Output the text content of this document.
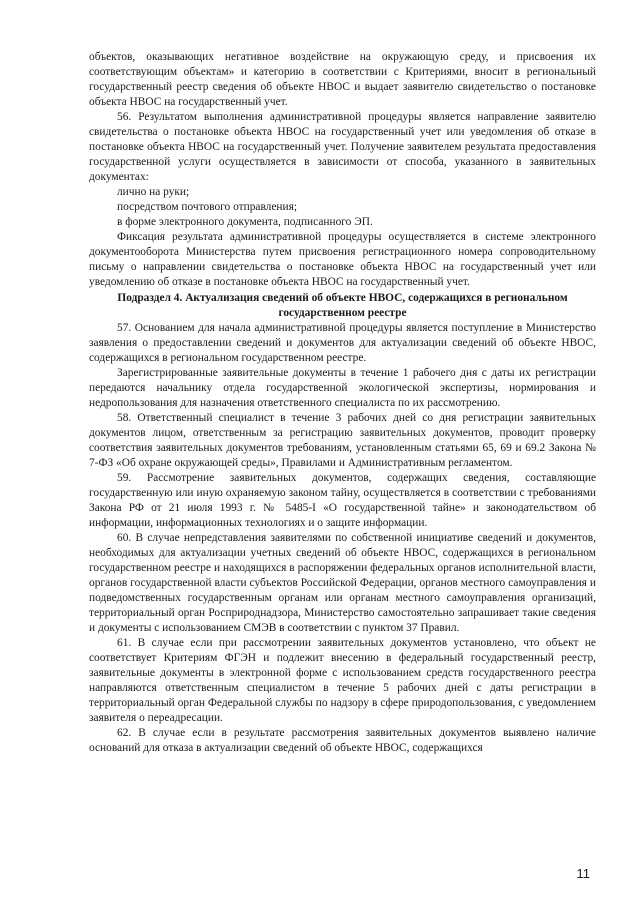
объектов, оказывающих негативное воздействие на окружающую среду, и присвоения их соответствующим объектам» и категорию в соответствии с Критериями, вносит в региональный государственный реестр сведения об объекте НВОС и выдает заявителю свидетельство о постановке объекта НВОС на государственный учет.

56. Результатом выполнения административной процедуры является направление заявителю свидетельства о постановке объекта НВОС на государственный учет или уведомления об отказе в постановке объекта НВОС на государственный учет. Получение заявителем результата предоставления государственной услуги осуществляется в зависимости от способа, указанного в заявительных документах:

лично на руки;

посредством почтового отправления;

в форме электронного документа, подписанного ЭП.

Фиксация результата административной процедуры осуществляется в системе электронного документооборота Министерства путем присвоения регистрационного номера сопроводительному письму о направлении свидетельства о постановке объекта НВОС на государственный учет или уведомлению об отказе в постановке объекта НВОС на государственный учет.

Подраздел 4. Актуализация сведений об объекте НВОС, содержащихся в региональном государственном реестре

57. Основанием для начала административной процедуры является поступление в Министерство заявления о предоставлении сведений и документов для актуализации сведений об объекте НВОС, содержащихся в региональном государственном реестре.

Зарегистрированные заявительные документы в течение 1 рабочего дня с даты их регистрации передаются начальнику отдела государственной экологической экспертизы, нормирования и недропользования для назначения ответственного специалиста по их рассмотрению.

58. Ответственный специалист в течение 3 рабочих дней со дня регистрации заявительных документов лицом, ответственным за регистрацию заявительных документов, проводит проверку соответствия заявительных документов требованиям, установленным статьями 65, 69 и 69.2 Закона № 7-ФЗ «Об охране окружающей среды», Правилами и Административным регламентом.

59. Рассмотрение заявительных документов, содержащих сведения, составляющие государственную или иную охраняемую законом тайну, осуществляется в соответствии с требованиями Закона РФ от 21 июля 1993 г. № 5485-I «О государственной тайне» и законодательством об информации, информационных технологиях и о защите информации.

60. В случае непредставления заявителями по собственной инициативе сведений и документов, необходимых для актуализации учетных сведений об объекте НВОС, содержащихся в региональном государственном реестре и находящихся в распоряжении федеральных органов исполнительной власти, органов государственной власти субъектов Российской Федерации, органов местного самоуправления и подведомственных государственным органам или органам местного самоуправления организаций, территориальный орган Росприроднадзора, Министерство самостоятельно запрашивает такие сведения и документы с использованием СМЭВ в соответствии с пунктом 37 Правил.

61. В случае если при рассмотрении заявительных документов установлено, что объект не соответствует Критериям ФГЭН и подлежит внесению в федеральный государственный реестр, заявительные документы в электронной форме с использованием средств государственного реестра направляются ответственным специалистом в течение 5 рабочих дней с даты регистрации в территориальный орган Федеральной службы по надзору в сфере природопользования, с уведомлением заявителя о переадресации.

62. В случае если в результате рассмотрения заявительных документов выявлено наличие оснований для отказа в актуализации сведений об объекте НВОС, содержащихся

11
